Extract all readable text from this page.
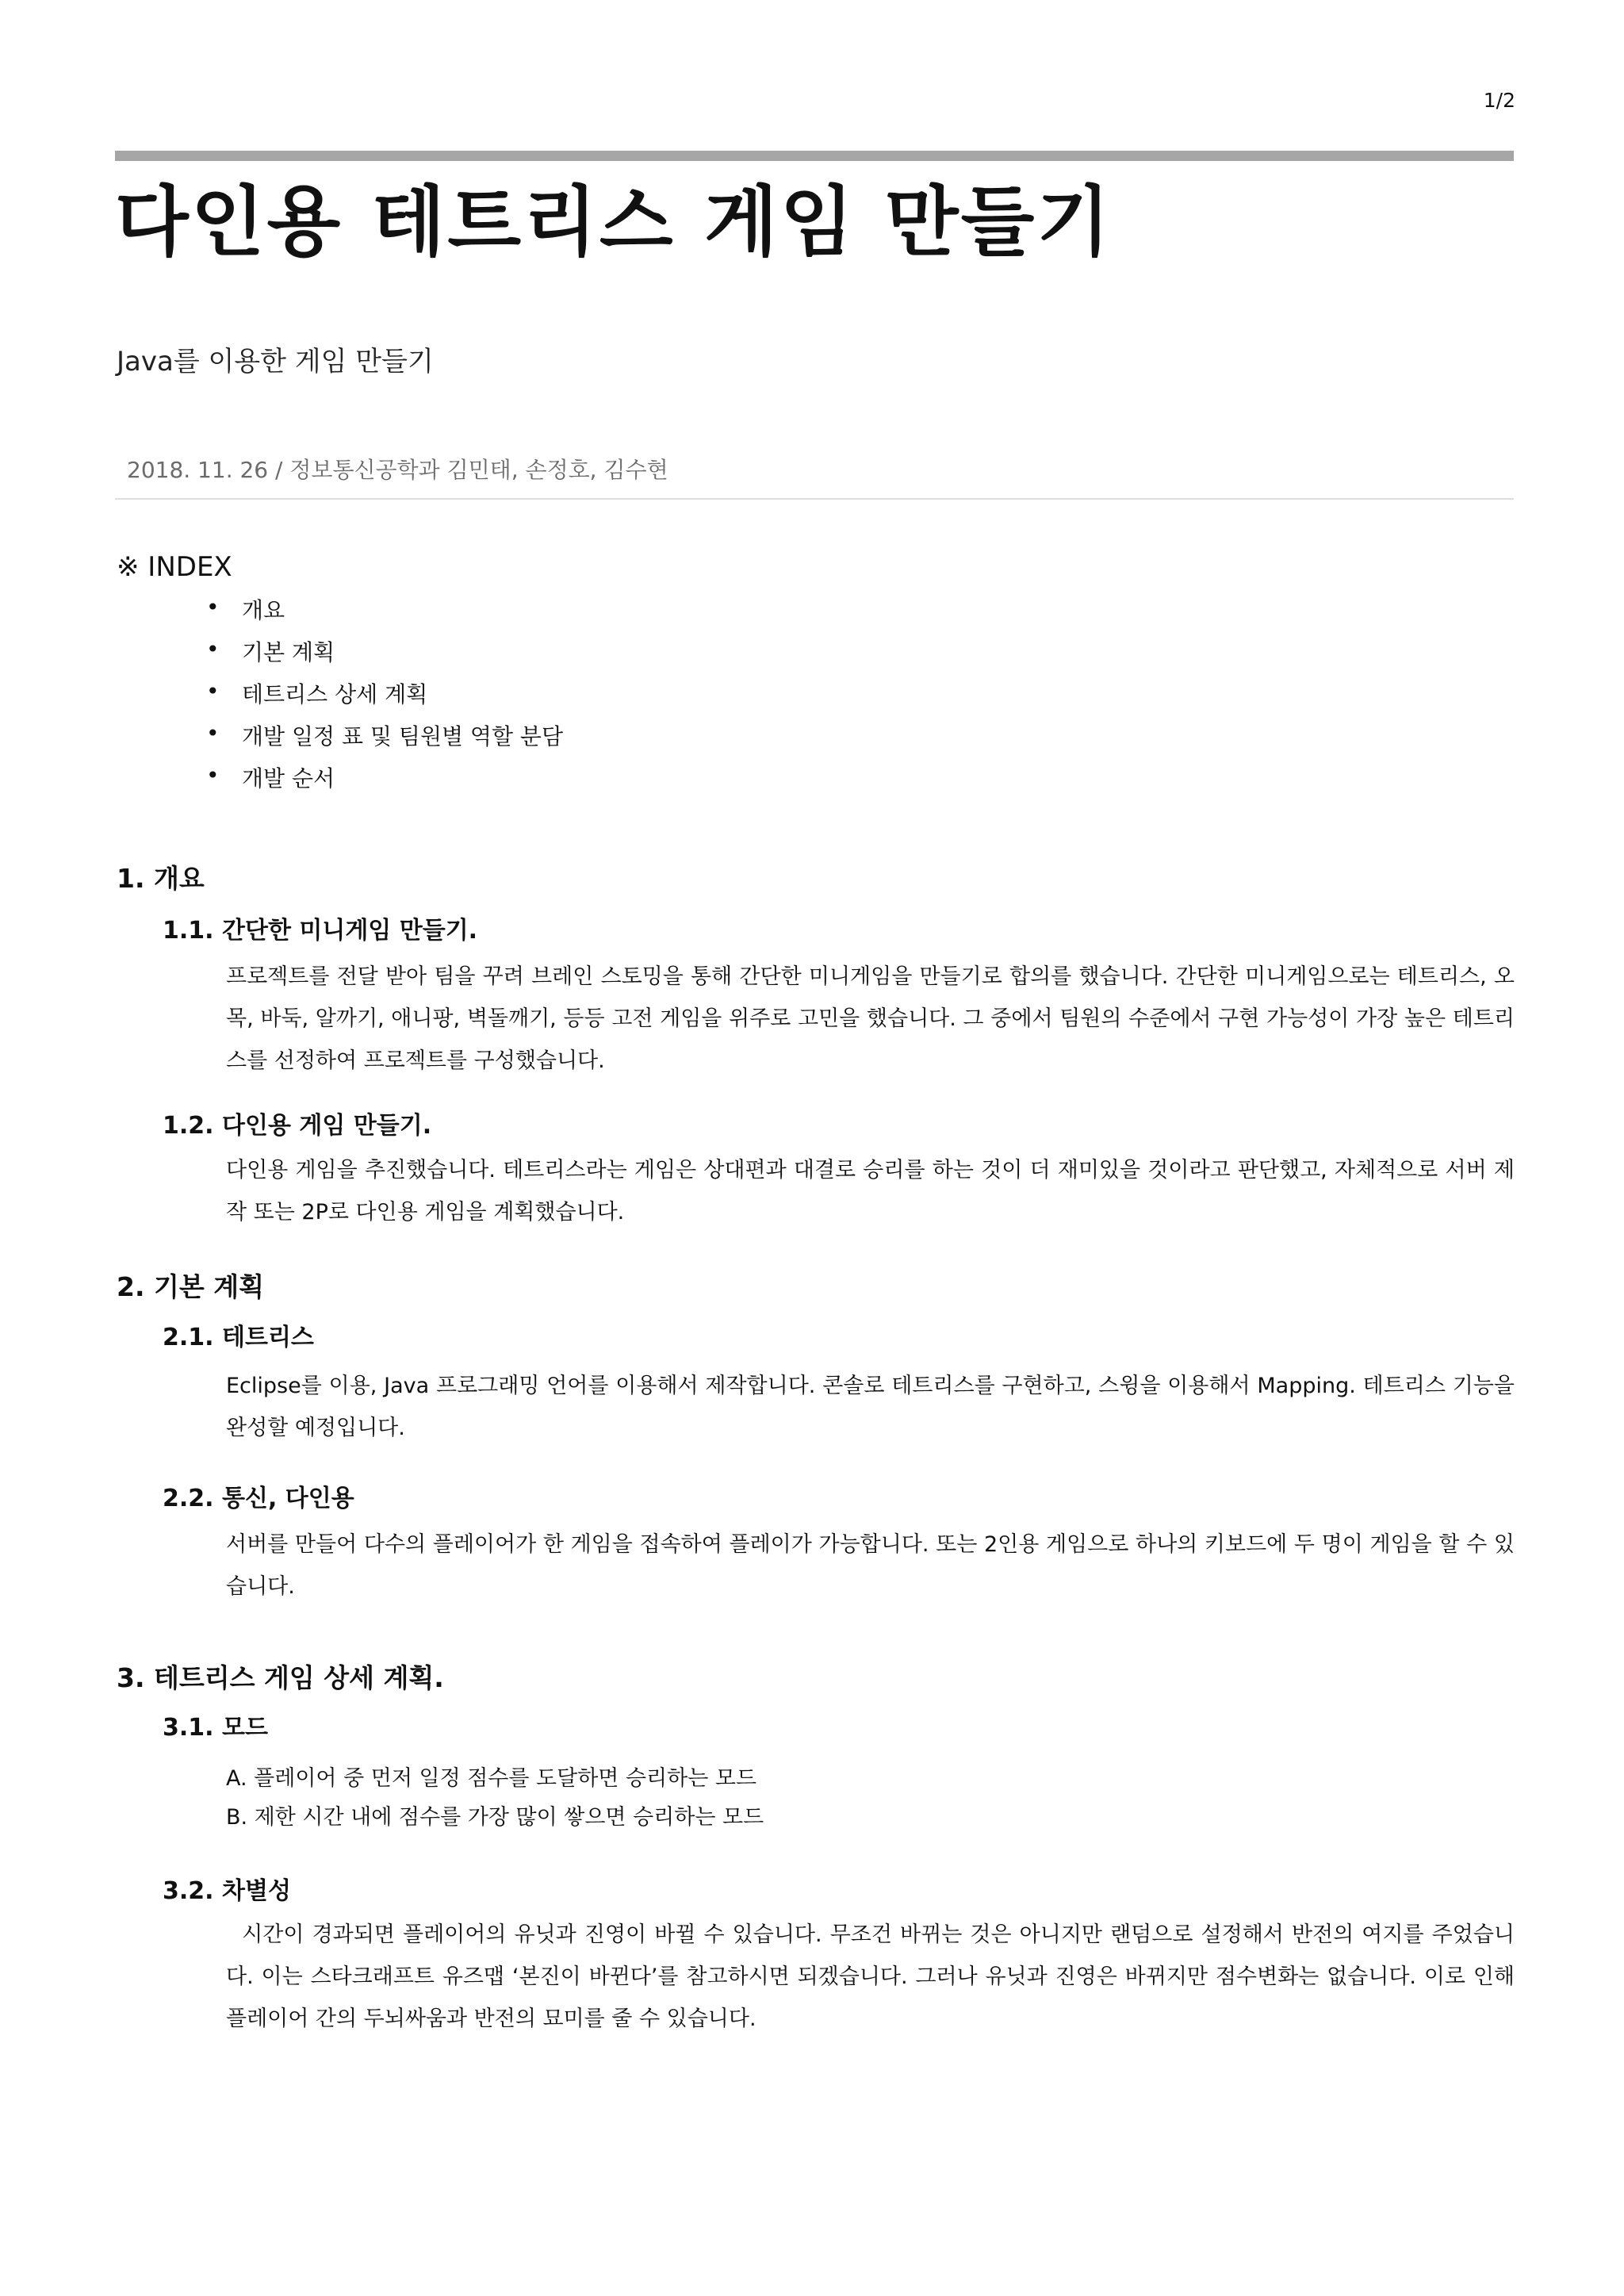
1/2
다인용 테트리스 게임 만들기
Java를 이용한 게임 만들기
2018. 11. 26 / 정보통신공학과 김민태, 손정호, 김수현
※ INDEX
• 개요
• 기본 계획
• 테트리스 상세 계획
• 개발 일정 표 및 팀원별 역할 분담
• 개발 순서
1. 개요
1.1. 간단한 미니게임 만들기.

프로젝트를 전달 받아 팀을 꾸려 브레인 스토밍을 통해 간단한 미니게임을 만들기로 합의를 했습니다. 간단한 미니게임으로는 테트리스, 오목, 바둑, 알까기, 애니팡, 벽돌깨기, 등등 고전 게임을 위주로 고민을 했습니다. 그 중에서 팀원의 수준에서 구현 가능성이 가장 높은 테트리스를 선정하여 프로젝트를 구성했습니다.

1.2. 다인용 게임 만들기.

다인용 게임을 추진했습니다. 테트리스라는 게임은 상대편과 대결로 승리를 하는 것이 더 재미있을 것이라고 판단했고, 자체적으로 서버 제작 또는 2P로 다인용 게임을 계획했습니다.

2. 기본 계획
2.1. 테트리스

Eclipse를 이용, Java 프로그래밍 언어를 이용해서 제작합니다. 콘솔로 테트리스를 구현하고, 스윙을 이용해서 Mapping. 테트리스 기능을 완성할 예정입니다.

2.2. 통신, 다인용

서버를 만들어 다수의 플레이어가 한 게임을 접속하여 플레이가 가능합니다. 또는 2인용 게임으로 하나의 키보드에 두 명이 게임을 할 수 있습니다.

3. 테트리스 게임 상세 계획.
3.1. 모드
A. 플레이어 중 먼저 일정 점수를 도달하면 승리하는 모드
B. 제한 시간 내에 점수를 가장 많이 쌓으면 승리하는 모드
3.2. 차별성

시간이 경과되면 플레이어의 유닛과 진영이 바뀔 수 있습니다. 무조건 바뀌는 것은 아니지만 랜덤으로 설정해서 반전의 여지를 주었습니다. 이는 스타크래프트 유즈맵 ‘본진이 바뀐다’를 참고하시면 되겠습니다. 그러나 유닛과 진영은 바뀌지만 점수변화는 없습니다. 이로 인해 플레이어 간의 두뇌싸움과 반전의 묘미를 줄 수 있습니다.
